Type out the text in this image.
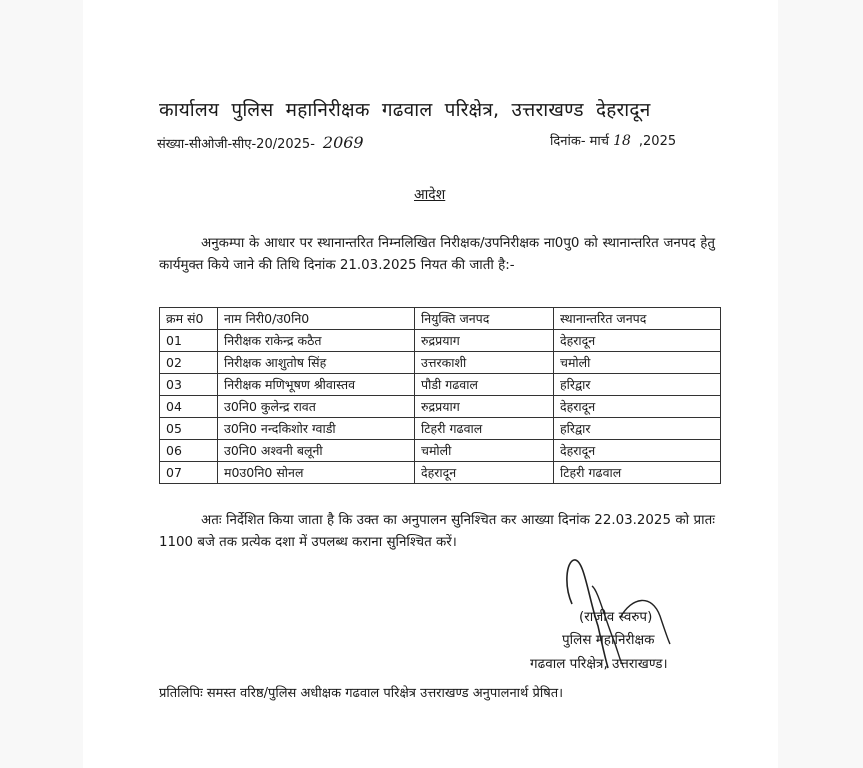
कार्यालय पुलिस महानिरीक्षक गढवाल परिक्षेत्र, उत्तराखण्ड देहरादून
संख्या-सीओजी-सीए-20/2025- 2069	दिनांक- मार्च 18 ,2025
आदेश
अनुकम्पा के आधार पर स्थानान्तरित निम्नलिखित निरीक्षक/उपनिरीक्षक ना0पु0 को स्थानान्तरित जनपद हेतु कार्यमुक्त किये जाने की तिथि दिनांक 21.03.2025 नियत की जाती है:-
क्रम सं0	नाम निरी0/उ0नि0	नियुक्ति जनपद	स्थानान्तरित जनपद
01	निरीक्षक राकेन्द्र कठैत	रुद्रप्रयाग	देहरादून
02	निरीक्षक आशुतोष सिंह	उत्तरकाशी	चमोली
03	निरीक्षक मणिभूषण श्रीवास्तव	पौडी गढवाल	हरिद्वार
04	उ0नि0 कुलेन्द्र रावत	रुद्रप्रयाग	देहरादून
05	उ0नि0 नन्दकिशोर ग्वाडी	टिहरी गढवाल	हरिद्वार
06	उ0नि0 अश्वनी बलूनी	चमोली	देहरादून
07	म0उ0नि0 सोनल	देहरादून	टिहरी गढवाल
अतः निर्देशित किया जाता है कि उक्त का अनुपालन सुनिश्चित कर आख्या दिनांक 22.03.2025 को प्रातः 1100 बजे तक प्रत्येक दशा में उपलब्ध कराना सुनिश्चित करें।
(राजीव स्वरुप)
पुलिस महानिरीक्षक
गढवाल परिक्षेत्र, उत्तराखण्ड।
प्रतिलिपिः समस्त वरिष्ठ/पुलिस अधीक्षक गढवाल परिक्षेत्र उत्तराखण्ड अनुपालनार्थ प्रेषित।
